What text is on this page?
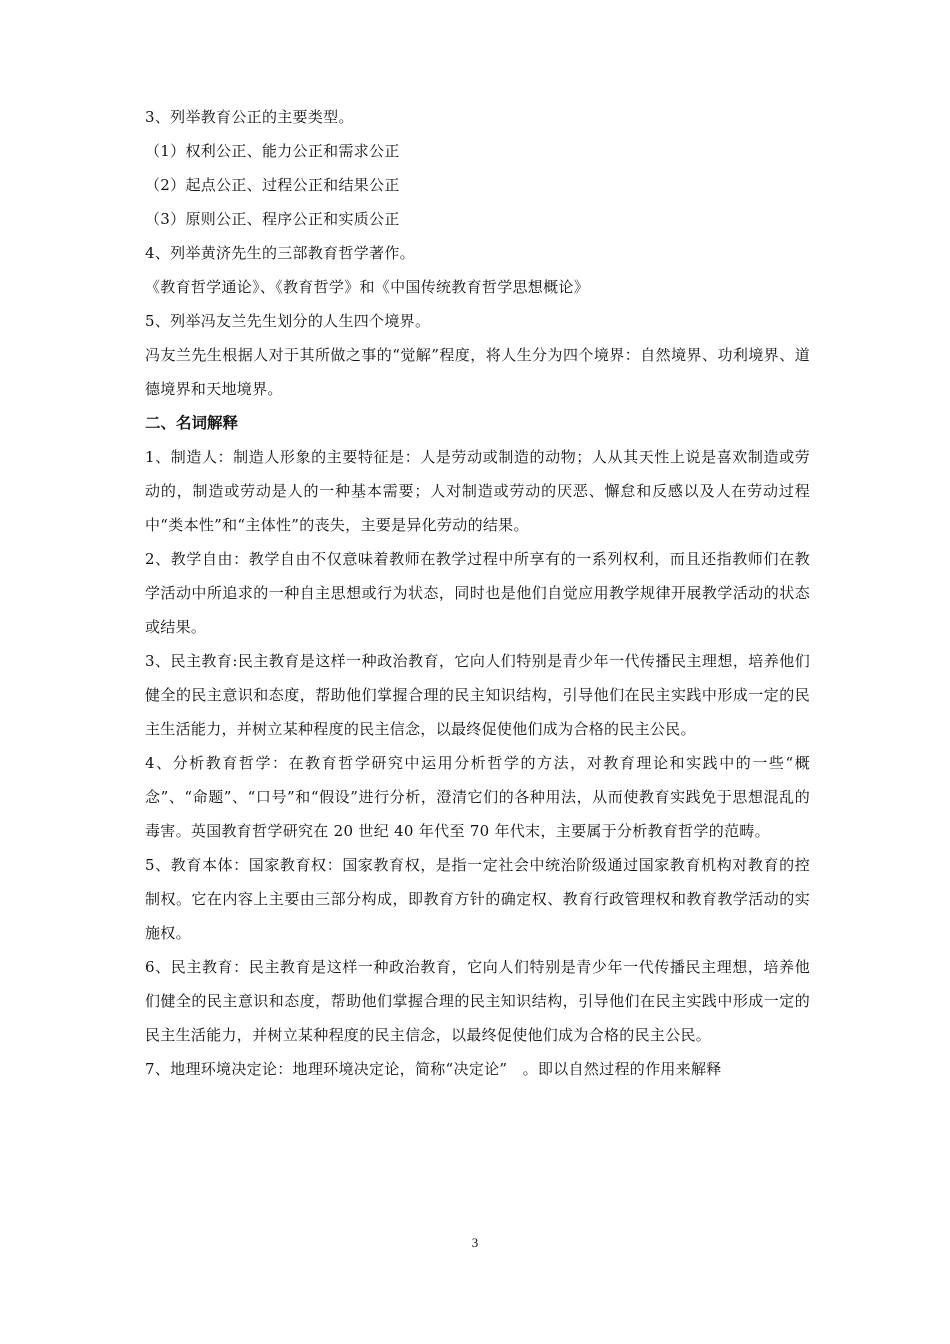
3、列举教育公正的主要类型。
（1）权利公正、能力公正和需求公正
（2）起点公正、过程公正和结果公正
（3）原则公正、程序公正和实质公正
4、列举黄济先生的三部教育哲学著作。
《教育哲学通论》、《教育哲学》和《中国传统教育哲学思想概论》
5、列举冯友兰先生划分的人生四个境界。
冯友兰先生根据人对于其所做之事的“觉解”程度，将人生分为四个境界：自然境界、功利境界、道德境界和天地境界。
二、名词解释
1、制造人：制造人形象的主要特征是：人是劳动或制造的动物；人从其天性上说是喜欢制造或劳动的，制造或劳动是人的一种基本需要；人对制造或劳动的厌恶、懈怠和反感以及人在劳动过程中“类本性”和“主体性”的丧失，主要是异化劳动的结果。
2、教学自由：教学自由不仅意味着教师在教学过程中所享有的一系列权利，而且还指教师们在教学活动中所追求的一种自主思想或行为状态，同时也是他们自觉应用教学规律开展教学活动的状态或结果。
3、民主教育:民主教育是这样一种政治教育，它向人们特别是青少年一代传播民主理想，培养他们健全的民主意识和态度，帮助他们掌握合理的民主知识结构，引导他们在民主实践中形成一定的民主生活能力，并树立某种程度的民主信念，以最终促使他们成为合格的民主公民。
4、分析教育哲学：在教育哲学研究中运用分析哲学的方法，对教育理论和实践中的一些“概念”、“命题”、“口号”和“假设”进行分析，澄清它们的各种用法，从而使教育实践免于思想混乱的毒害。英国教育哲学研究在 20 世纪 40 年代至 70 年代末，主要属于分析教育哲学的范畴。
5、教育本体：国家教育权：国家教育权，是指一定社会中统治阶级通过国家教育机构对教育的控制权。它在内容上主要由三部分构成，即教育方针的确定权、教育行政管理权和教育教学活动的实施权。
6、民主教育：民主教育是这样一种政治教育，它向人们特别是青少年一代传播民主理想，培养他们健全的民主意识和态度，帮助他们掌握合理的民主知识结构，引导他们在民主实践中形成一定的民主生活能力，并树立某种程度的民主信念，以最终促使他们成为合格的民主公民。
7、地理环境决定论：地理环境决定论，简称“决定论”　。即以自然过程的作用来解释
3
